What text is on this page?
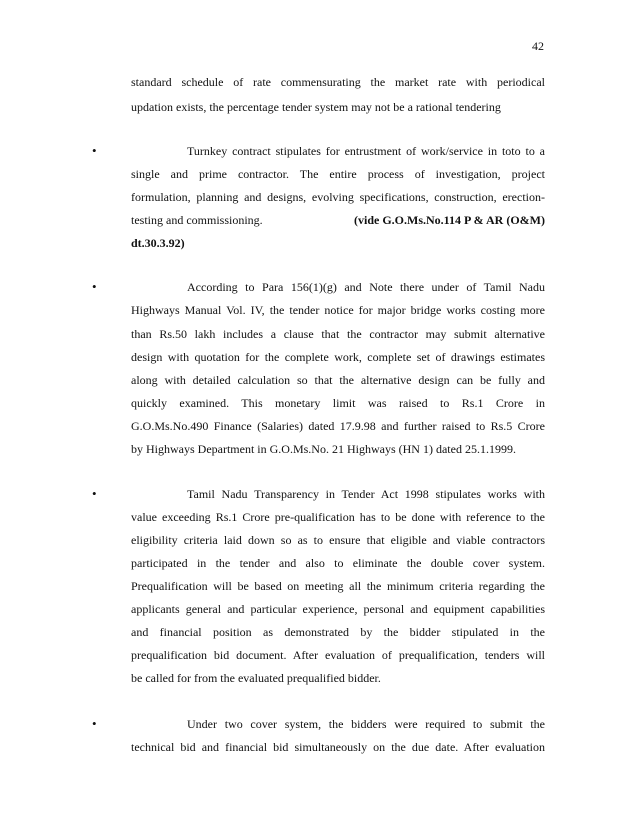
42
standard schedule of rate commensurating the market rate with periodical
updation exists, the percentage tender system may not be a rational tendering
•	Turnkey contract stipulates for entrustment of work/service in toto to a
single and prime contractor. The entire process of investigation, project
formulation, planning and designs, evolving specifications, construction, erection-
testing and commissioning.	(vide G.O.Ms.No.114 P & AR (O&M)
dt.30.3.92)
•	According to Para 156(1)(g) and Note there under of Tamil Nadu
Highways Manual Vol. IV, the tender notice for major bridge works costing more
than Rs.50 lakh includes a clause that the contractor may submit alternative
design with quotation for the complete work, complete set of drawings estimates
along with detailed calculation so that the alternative design can be fully and
quickly examined. This monetary limit was raised to Rs.1 Crore in
G.O.Ms.No.490 Finance (Salaries) dated 17.9.98 and further raised to Rs.5 Crore
by Highways Department in G.O.Ms.No. 21 Highways (HN 1) dated 25.1.1999.
•	Tamil Nadu Transparency in Tender Act 1998 stipulates works with
value exceeding Rs.1 Crore pre-qualification has to be done with reference to the
eligibility criteria laid down so as to ensure that eligible and viable contractors
participated in the tender and also to eliminate the double cover system.
Prequalification will be based on meeting all the minimum criteria regarding the
applicants general and particular experience, personal and equipment capabilities
and financial position as demonstrated by the bidder stipulated in the
prequalification bid document. After evaluation of prequalification, tenders will
be called for from the evaluated prequalified bidder.
•	Under two cover system, the bidders were required to submit the
technical bid and financial bid simultaneously on the due date. After evaluation
